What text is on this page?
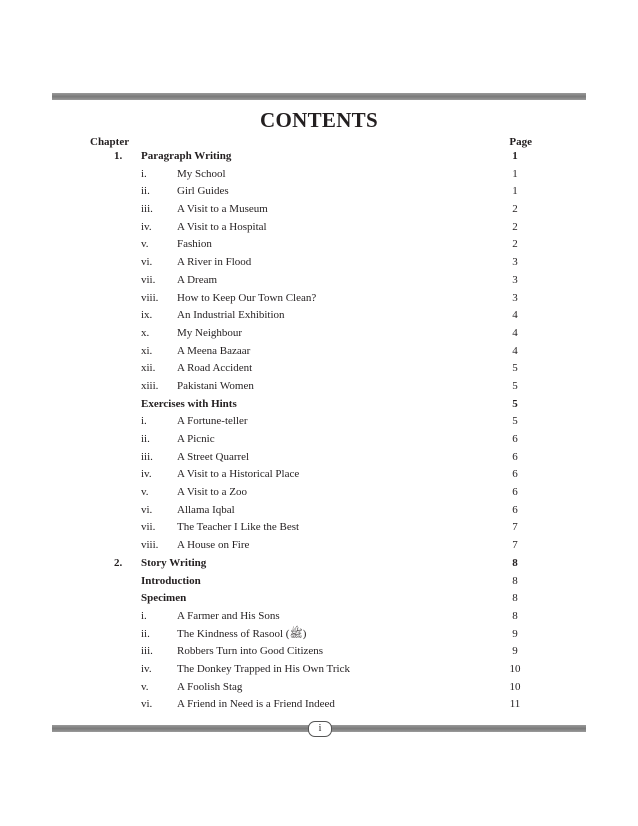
CONTENTS
Chapter	Page
1. Paragraph Writing	1
i.	My School	1
ii. Girl Guides	1
iii. A Visit to a Museum	2
iv. A Visit to a Hospital	2
v.	Fashion	2
vi. A River in Flood	3
vii. A Dream	3
viii. How to Keep Our Town Clean?	3
ix. An Industrial Exhibition	4
x.	My Neighbour	4
xi. A Meena Bazaar	4
xii. A Road Accident	5
xiii. Pakistani Women	5
Exercises with Hints	5
i.	A Fortune-teller	5
ii. A Picnic	6
iii. A Street Quarrel	6
iv. A Visit to a Historical Place	6
v.	A Visit to a Zoo	6
vi. Allama Iqbal	6
vii. The Teacher I Like the Best	7
viii. A House on Fire	7
2. Story Writing	8
Introduction	8
Specimen	8
i.	A Farmer and His Sons	8
ii. The Kindness of Rasool (ﷺ)	9
iii. Robbers Turn into Good Citizens	9
iv. The Donkey Trapped in His Own Trick	10
v.	A Foolish Stag	10
vi. A Friend in Need is a Friend Indeed	11
i
